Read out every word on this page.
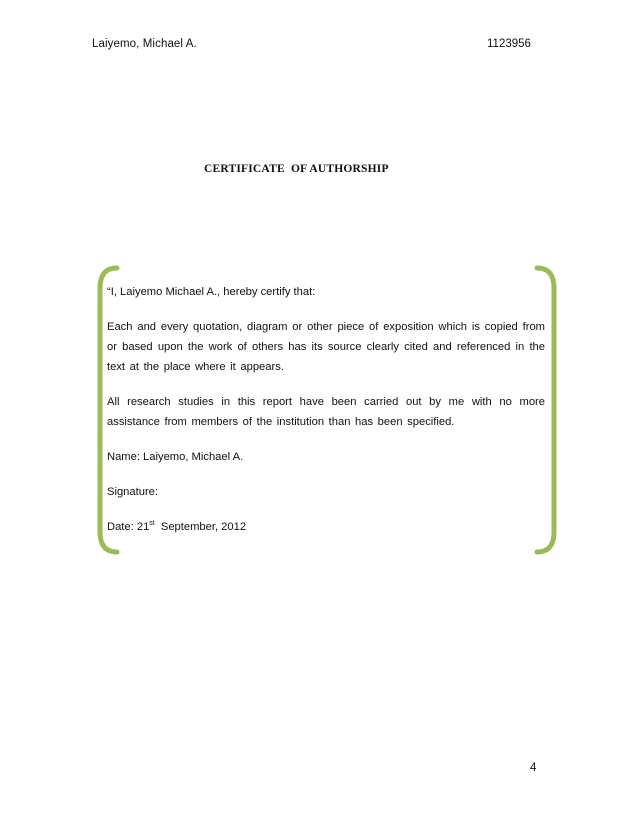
Laiyemo, Michael A.	1123956
CERTIFICATE  OF AUTHORSHIP

“I, Laiyemo Michael A., hereby certify that:

Each and every quotation, diagram or other piece of exposition which is copied from or based upon the work of others has its source clearly cited and referenced in the text at the place where it appears.

All research studies in this report have been carried out by me with no more assistance from members of the institution than has been specified.

Name: Laiyemo, Michael A.

Signature:

Date: 21st September, 2012

4
